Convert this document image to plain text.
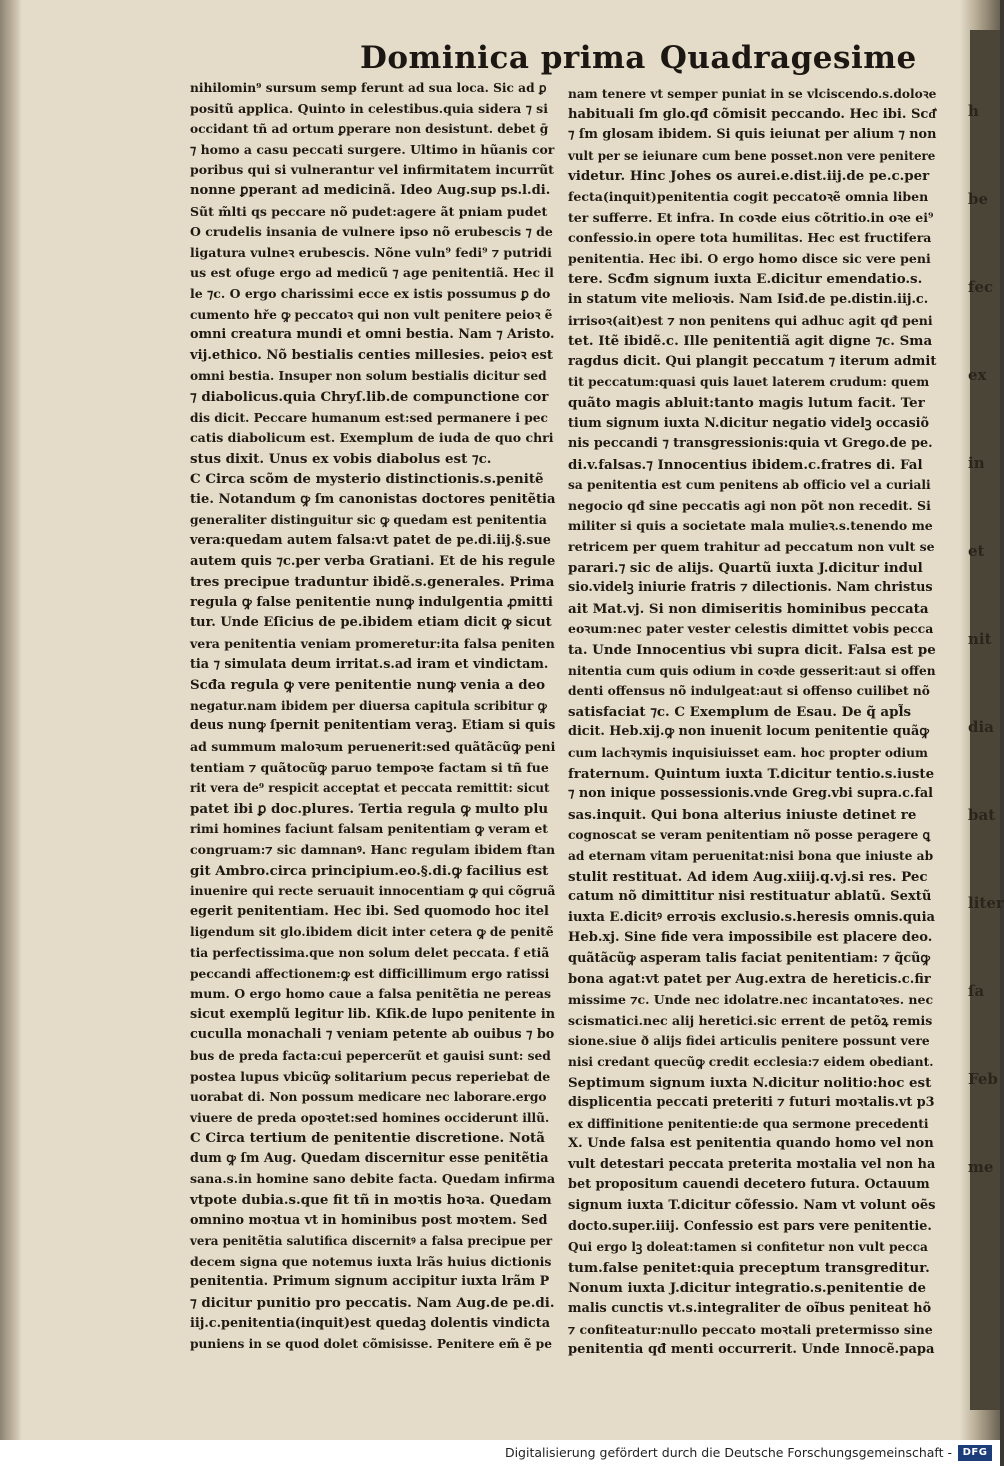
h
be
fec
ex
in
et
nit
dia
bat
liter
ſa
Feb
me
Dominica prima Quadragesime
nihilomin⁹ sursum semp ferunt ad sua loca. Sic ad ꝑ
positũ applica. Quinto in celestibus.quia sidera ⁊ si
occidant tñ ad ortum ꝑperare non desistunt. debet ḡ
⁊ homo a casu peccati surgere. Ultimo in hũanis cor
poribus qui si vulnerantur vel infirmitatem incurrũt
nonne ꝑperant ad medicinã. Ideo Aug.sup ps.l.di.
Sũt m̃lti qs peccare nõ pudet:agere ãt pniam pudet
O crudelis insania de vulnere ipso nõ erubescis ⁊ de
ligatura vulneꝛ erubescis. Nõne vuln⁹ fedi⁹ ⁊ putridi
us est ofuge ergo ad medicũ ⁊ age penitentiã. Hec il
le ⁊c. O ergo charissimi ecce ex istis possumus ꝑ do
cumento hře ꝙ peccatoꝛ qui non vult penitere peioꝛ ẽ
omni creatura mundi et omni bestia. Nam ⁊ Aristo.
vij.ethico. Nõ bestialis centies millesies. peioꝛ est
omni bestia. Insuper non solum bestialis dicitur sed
⁊ diabolicus.quia Chryſ.lib.de compunctione cor
dis dicit. Peccare humanum est:sed permanere i pec
catis diabolicum est. Exemplum de iuda de quo chri
stus dixit. Unus ex vobis diabolus est ⁊c.
C Circa scõm de mysterio distinctionis.s.penitẽ
tie. Notandum ꝙ ſm canonistas doctores penitẽtia
generaliter distinguitur sic ꝙ quedam est penitentia
vera:quedam autem falsa:vt patet de pe.di.iij.§.sue
autem quis ⁊c.per verba Gratiani. Et de his regule
tres precipue traduntur ibidẽ.s.generales. Prima
regula ꝙ false penitentie nunꝙ indulgentia ꝓmitti
tur. Unde Eſicius de pe.ibidem etiam dicit ꝙ sicut
vera penitentia veniam promeretur:ita falsa peniten
tia ⁊ simulata deum irritat.s.ad iram et vindictam.
Scđa regula ꝙ vere penitentie nunꝙ venia a deo
negatur.nam ibidem per diuersa capitula scribitur ꝙ
deus nunꝙ ſpernit penitentiam veraꝫ. Etiam si quis
ad summum maloꝛum peruenerit:sed quãtãcũꝙ peni
tentiam ⁊ quãtocũꝙ paruo tempoꝛe factam si tñ fue
rit vera de⁹ respicit acceptat et peccata remittit: sicut
patet ibi ꝑ doc.plures. Tertia regula ꝙ multo plu
rimi homines faciunt falsam penitentiam ꝙ veram et
congruam:⁊ sic damnanꝰ. Hanc regulam ibidem ẜtan
git Ambro.circa principium.eo.§.di.ꝙ facilius est
inuenire qui recte seruauit innocentiam ꝙ qui cõgruã
egerit penitentiam. Hec ibi. Sed quomodo hoc itel
ligendum sit glo.ibidem dicit inter cetera ꝙ de penitẽ
tia perfectissima.que non solum delet peccata. ẜ etiã
peccandi affectionem:ꝙ est difficillimum ergo ratissi
mum. O ergo homo caue a falsa penitẽtia ne pereas
sicut exemplũ legitur lib. Kſik.de lupo penitente in
cuculla monachali ⁊ veniam petente ab ouibus ⁊ bo
bus de preda facta:cui pepercerũt et gauisi sunt: sed
postea lupus vbicũꝙ solitarium pecus reperiebat de
uorabat di. Non possum medicare nec laborare.ergo
viuere de preda opoꝛtet:sed homines occiderunt illũ.
C Circa tertium de penitentie discretione. Notã
dum ꝙ ſm Aug. Quedam discernitur esse penitẽtia
sana.s.in homine sano debite facta. Quedam infirma
vtpote dubia.s.que fit tñ in moꝛtis hoꝛa. Quedam
omnino moꝛtua vt in hominibus post moꝛtem. Sed
vera penitẽtia salutifica discernitꝰ a falsa precipue per
decem signa que notemus iuxta lrãs huius dictionis
penitentia. Primum signum accipitur iuxta lrãm P
⁊ dicitur punitio pro peccatis. Nam Aug.de pe.di.
iij.c.penitentia(inquit)est quedaꝫ dolentis vindicta
puniens in se quod dolet cõmisisse. Penitere em̃ ẽ pe
nam tenere vt semper puniat in se vlciscendo.s.doloꝛe
habituali ſm glo.qđ cõmisit peccando. Hec ibi. Scđ͛
⁊ ſm glosam ibidem. Si quis ieiunat per alium ⁊ non
vult per se ieiunare cum bene posset.non vere penitere
videtur. Hinc Johes os aurei.e.dist.iij.de pe.c.per
fecta(inquit)penitentia cogit peccatoꝛẽ omnia liben
ter sufferre. Et infra. In coꝛde eius cõtritio.in oꝛe ei⁹
confessio.in opere tota humilitas. Hec est fructifera
penitentia. Hec ibi. O ergo homo disce sic vere peni
tere. Scđm signum iuxta E.dicitur emendatio.s.
in statum vite melioꝛis. Nam Isiđ.de pe.distin.iij.c.
irrisoꝛ(ait)est ⁊ non penitens qui adhuc agit qđ peni
tet. Itẽ ibidẽ.c. Ille penitentiã agit digne ⁊c. Sma
ragdus dicit. Qui plangit peccatum ⁊ iterum admit
tit peccatum:quasi quis lauet laterem crudum: quem
quãto magis abluit:tanto magis lutum facit. Ter
tium signum iuxta N.dicitur negatio videlꝫ occasiõ
nis peccandi ⁊ transgressionis:quia vt Grego.de pe.
di.v.falsas.⁊ Innocentius ibidem.c.fratres di. Fal
sa penitentia est cum penitens ab officio vel a curiali
negocio qđ sine peccatis agi non põt non recedit. Si
militer si quis a societate mala mulieꝛ.s.tenendo me
retricem per quem trahitur ad peccatum non vult se
parari.⁊ sic de alijs. Quartũ iuxta J.dicitur indul
sio.videlꝫ iniurie fratris ⁊ dilectionis. Nam christus
ait Mat.vj. Si non dimiseritis hominibus peccata
eoꝛum:nec pater vester celestis dimittet vobis pecca
ta. Unde Innocentius vbi supra dicit. Falsa est pe
nitentia cum quis odium in coꝛde gesserit:aut si offen
denti offensus nõ indulgeat:aut si offenso cuilibet nõ
satisfaciat ⁊c. C Exemplum de Esau. De q̃ apl̃s
dicit. Heb.xij.ꝙ non inuenit locum penitentie quãꝙ
cum lachꝛymis inquisiuisset eam. hoc propter odium
fraternum. Quintum iuxta T.dicitur tentio.s.iuste
⁊ non inique possessionis.vnde Greg.vbi supra.c.fal
sas.inquit. Qui bona alterius iniuste detinet re
cognoscat se veram penitentiam nõ posse peragere ꝗ
ad eternam vitam peruenitat:nisi bona que iniuste ab
stulit restituat. Ad idem Aug.xiiij.q.vj.si res. Pec
catum nõ dimittitur nisi restituatur ablatũ. Sextũ
iuxta E.dicitꝰ erroꝛis exclusio.s.heresis omnis.quia
Heb.xj. Sine fide vera impossibile est placere deo.
quãtãcũꝙ asperam talis faciat penitentiam: ⁊ q̃cũꝙ
bona agat:vt patet per Aug.extra de hereticis.c.fir
missime ⁊c. Unde nec idolatre.nec incantatoꝛes. nec
scismatici.nec alij heretici.sic errent de petõꝝ remis
sione.siue ð alijs fidei articulis penitere possunt vere
nisi credant quecũꝙ credit ecclesia:⁊ eidem obediant.
Septimum signum iuxta N.dicitur nolitio:hoc est
displicentia peccati preteriti ⁊ futuri moꝛtalis.vt p3
ex diffinitione penitentie:de qua sermone precedenti
X. Unde falsa est penitentia quando homo vel non
vult detestari peccata preterita moꝛtalia vel non ha
bet propositum cauendi decetero futura. Octauum
signum iuxta T.dicitur cõfessio. Nam vt volunt oẽs
docto.super.iiij. Confessio est pars vere penitentie.
Qui ergo lꝫ doleat:tamen si confitetur non vult pecca
tum.false penitet:quia preceptum transgreditur.
Nonum iuxta J.dicitur integratio.s.penitentie de
malis cunctis vt.s.integraliter de oĩbus peniteat hõ
⁊ confiteatur:nullo peccato moꝛtali pretermisso sine
penitentia qđ menti occurrerit. Unde Innocẽ.papa
Digitalisierung gefördert durch die Deutsche Forschungsgemeinschaft -	DFG
